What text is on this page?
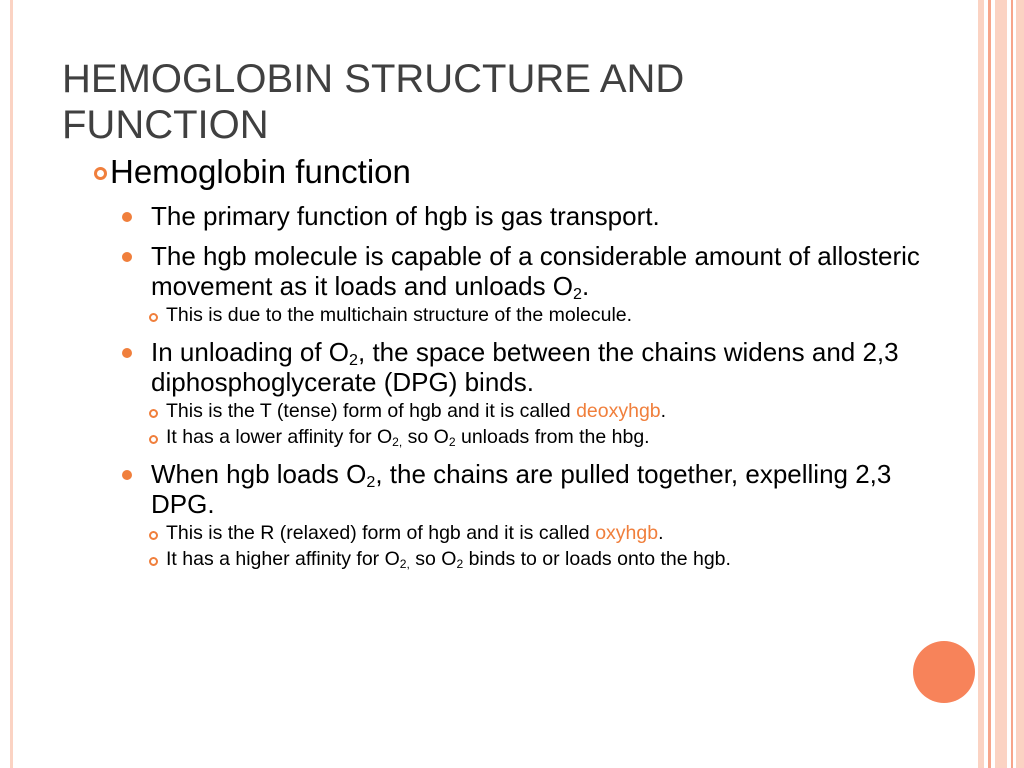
HEMOGLOBIN STRUCTURE AND
FUNCTION
Hemoglobin function
The primary function of hgb is gas transport.
The hgb molecule is capable of a considerable amount of allosteric movement as it loads and unloads $O_2$.
This is due to the multichain structure of the molecule.
In unloading of $O_2$, the space between the chains widens and 2,3 diphosphoglycerate (DPG) binds.
This is the T (tense) form of hgb and it is called deoxyhgb.
It has a lower affinity for $O_{2,}$ so $O_2$ unloads from the hbg.
When hgb loads $O_2$, the chains are pulled together, expelling 2,3 DPG.
This is the R (relaxed) form of hgb and it is called oxyhgb.
It has a higher affinity for $O_{2,}$ so $O_2$ binds to or loads onto the hgb.
